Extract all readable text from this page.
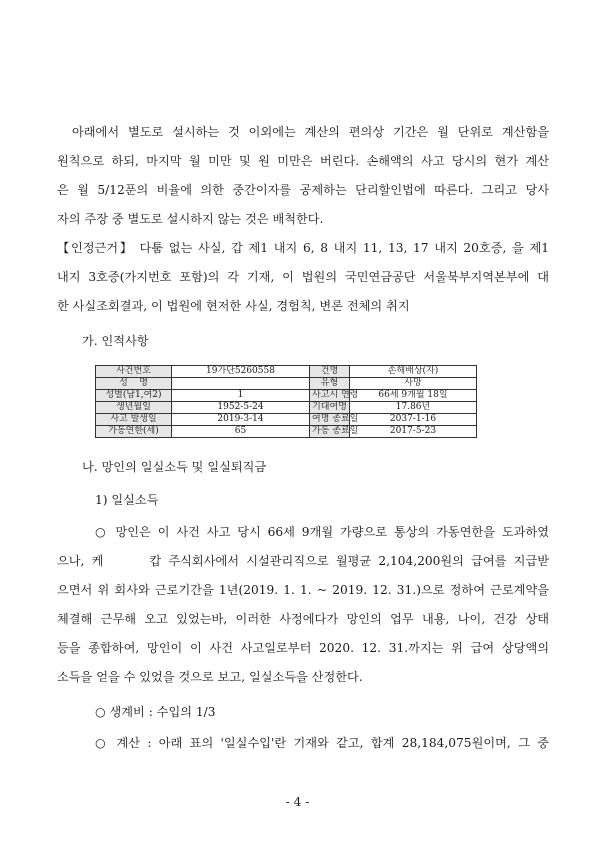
아래에서 별도로 설시하는 것 이외에는 계산의 편의상 기간은 월 단위로 계산함을
원칙으로 하되, 마지막 월 미만 및 원 미만은 버린다. 손해액의 사고 당시의 현가 계산
은 월 5/12푼의 비율에 의한 중간이자를 공제하는 단리할인법에 따른다. 그리고 당사
자의 주장 중 별도로 설시하지 않는 것은 배척한다.
【인정근거】 다툼 없는 사실, 갑 제1 내지 6, 8 내지 11, 13, 17 내지 20호증, 을 제1
내지 3호증(가지번호 포함)의 각 기재, 이 법원의 국민연금공단 서울북부지역본부에 대
한 사실조회결과, 이 법원에 현저한 사실, 경험칙, 변론 전체의 취지
가. 인적사항
사건번호	19가단5260558	건명	손해배상(자)
성    명		유형	사망
성별(남1,여2)	1	사고시 연령	66세 9개월 18일
생년월일	1952-5-24	기대여명	17.86년
사고 발생일	2019-3-14	여명 종료일	2037-1-16
가동연한(세)	65	가동 종료일	2017-5-23
나. 망인의 일실소득 및 일실퇴직금
1) 일실소득
○ 망인은 이 사건 사고 당시 66세 9개월 가량으로 통상의 가동연한을 도과하였
으나, 케	캅 주식회사에서 시설관리직으로 월평균 2,104,200원의 급여를 지급받
으면서 위 회사와 근로기간을 1년(2019. 1. 1. ~ 2019. 12. 31.)으로 정하여 근로계약을
체결해 근무해 오고 있었는바, 이러한 사정에다가 망인의 업무 내용, 나이, 건강 상태
등을 종합하여, 망인이 이 사건 사고일로부터 2020. 12. 31.까지는 위 급여 상당액의
소득을 얻을 수 있었을 것으로 보고, 일실소득을 산정한다.
○ 생계비 : 수입의 1/3
○ 계산 : 아래 표의 '일실수입'란 기재와 같고, 합계 28,184,075원이며, 그 중
- 4 -
